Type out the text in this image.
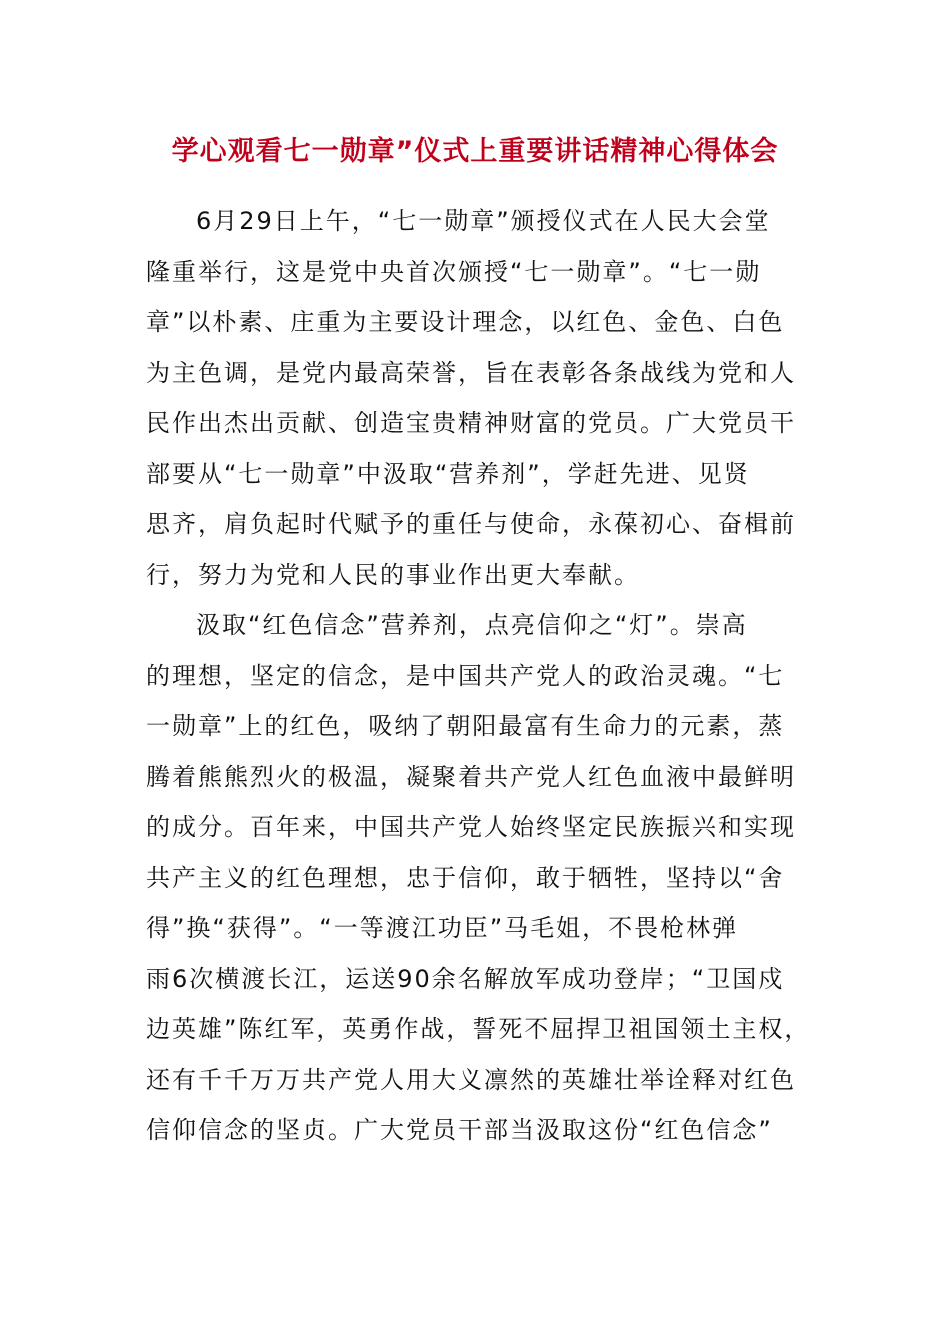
学心观看七一勋章”仪式上重要讲话精神心得体会
6月29日上午，“七一勋章”颁授仪式在人民大会堂
隆重举行，这是党中央首次颁授“七一勋章”。“七一勋
章”以朴素、庄重为主要设计理念，以红色、金色、白色
为主色调，是党内最高荣誉，旨在表彰各条战线为党和人
民作出杰出贡献、创造宝贵精神财富的党员。广大党员干
部要从“七一勋章”中汲取“营养剂”，学赶先进、见贤
思齐，肩负起时代赋予的重任与使命，永葆初心、奋楫前
行，努力为党和人民的事业作出更大奉献。
汲取“红色信念”营养剂，点亮信仰之“灯”。崇高
的理想，坚定的信念，是中国共产党人的政治灵魂。“七
一勋章”上的红色，吸纳了朝阳最富有生命力的元素，蒸
腾着熊熊烈火的极温，凝聚着共产党人红色血液中最鲜明
的成分。百年来，中国共产党人始终坚定民族振兴和实现
共产主义的红色理想，忠于信仰，敢于牺牲，坚持以“舍
得”换“获得”。“一等渡江功臣”马毛姐，不畏枪林弹
雨6次横渡长江，运送90余名解放军成功登岸；“卫国戍
边英雄”陈红军，英勇作战，誓死不屈捍卫祖国领土主权，
还有千千万万共产党人用大义凛然的英雄壮举诠释对红色
信仰信念的坚贞。广大党员干部当汲取这份“红色信念”
